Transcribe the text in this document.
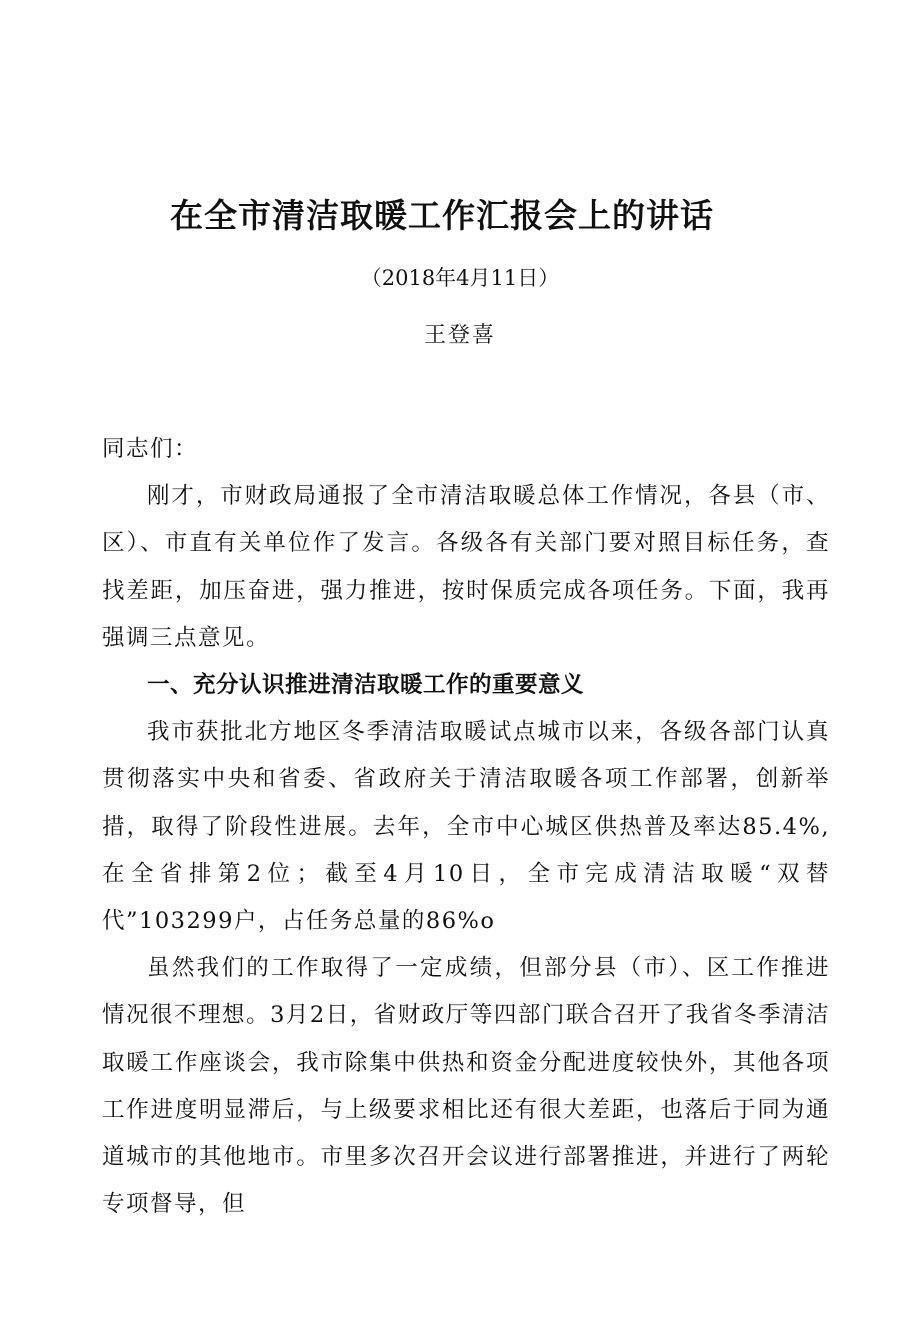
在全市清洁取暖工作汇报会上的讲话

（2018年4月11日）

王登喜

同志们：

刚才，市财政局通报了全市清洁取暖总体工作情况，各县（市、区）、市直有关单位作了发言。各级各有关部门要对照目标任务，查找差距，加压奋进，强力推进，按时保质完成各项任务。下面，我再强调三点意见。

一、充分认识推进清洁取暖工作的重要意义

我市获批北方地区冬季清洁取暖试点城市以来，各级各部门认真贯彻落实中央和省委、省政府关于清洁取暖各项工作部署，创新举措，取得了阶段性进展。去年，全市中心城区供热普及率达85.4%,在全省排第2位；截至4月10日，全市完成清洁取暖“双替代”103299户，占任务总量的86%o

虽然我们的工作取得了一定成绩，但部分县（市）、区工作推进情况很不理想。3月2日，省财政厅等四部门联合召开了我省冬季清洁取暖工作座谈会，我市除集中供热和资金分配进度较快外，其他各项工作进度明显滞后，与上级要求相比还有很大差距，也落后于同为通道城市的其他地市。市里多次召开会议进行部署推进，并进行了两轮专项督导，但
